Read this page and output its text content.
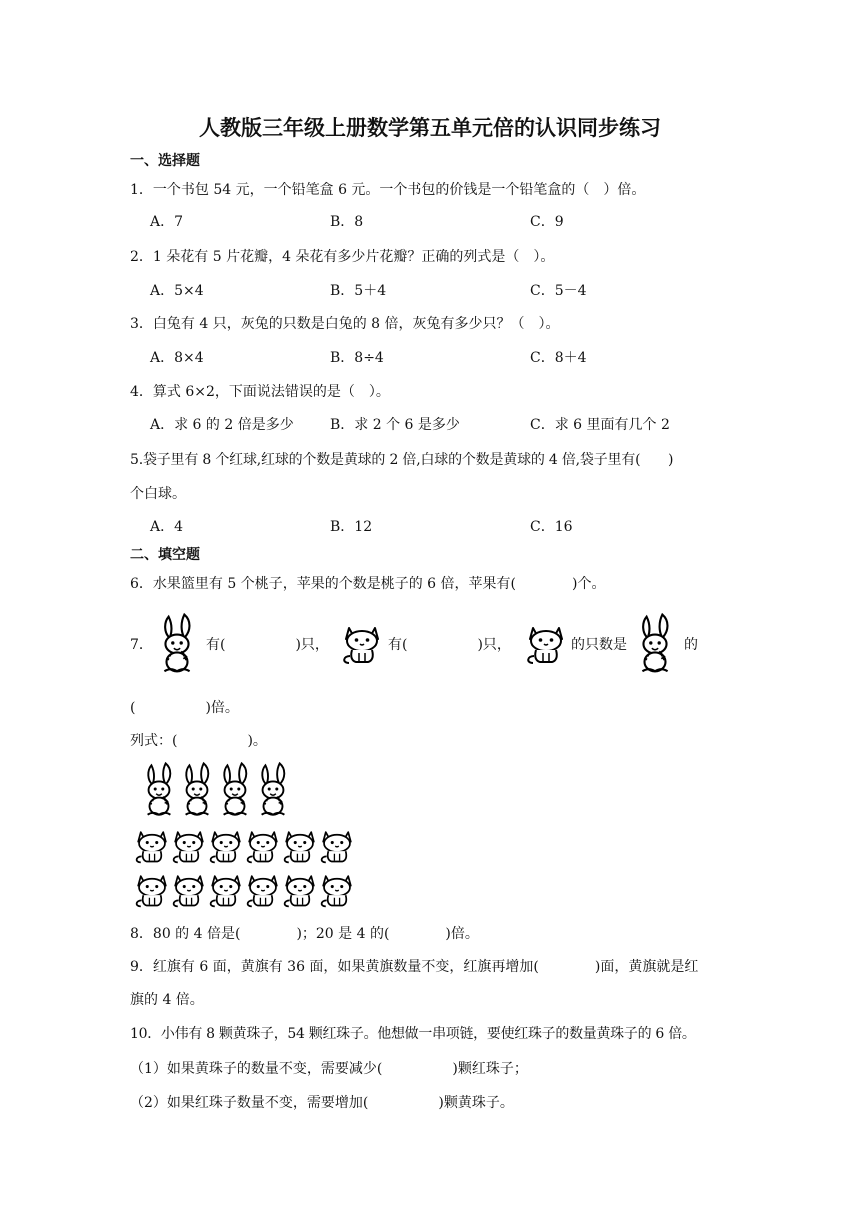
人教版三年级上册数学第五单元倍的认识同步练习
一、选择题
1．一个书包 54 元，一个铅笔盒 6 元。一个书包的价钱是一个铅笔盒的（　）倍。
A．7	B．8	C．9
2．1 朵花有 5 片花瓣，4 朵花有多少片花瓣？正确的列式是（　）。
A．5×4	B．5＋4	C．5－4
3．白兔有 4 只，灰兔的只数是白兔的 8 倍，灰兔有多少只？（　）。
A．8×4	B．8÷4	C．8＋4
4．算式 6×2，下面说法错误的是（　）。
A．求 6 的 2 倍是多少	B．求 2 个 6 是多少	C．求 6 里面有几个 2
5.袋子里有 8 个红球,红球的个数是黄球的 2 倍,白球的个数是黄球的 4 倍,袋子里有(　　)
个白球。
A．4	B．12	C．16
二、填空题
6．水果篮里有 5 个桃子，苹果的个数是桃子的 6 倍，苹果有(　　　　)个。
7．	有(　　　　　)只，	有(　　　　　)只，	的只数是	的
(　　　　　)倍。
列式：(　　　　　)。
8．80 的 4 倍是(　　　　)；20 是 4 的(　　　　)倍。
9．红旗有 6 面，黄旗有 36 面，如果黄旗数量不变，红旗再增加(　　　　)面，黄旗就是红
旗的 4 倍。
10．小伟有 8 颗黄珠子，54 颗红珠子。他想做一串项链，要使红珠子的数量黄珠子的 6 倍。
（1）如果黄珠子的数量不变，需要减少(　　　　　)颗红珠子；
（2）如果红珠子数量不变，需要增加(　　　　　)颗黄珠子。
